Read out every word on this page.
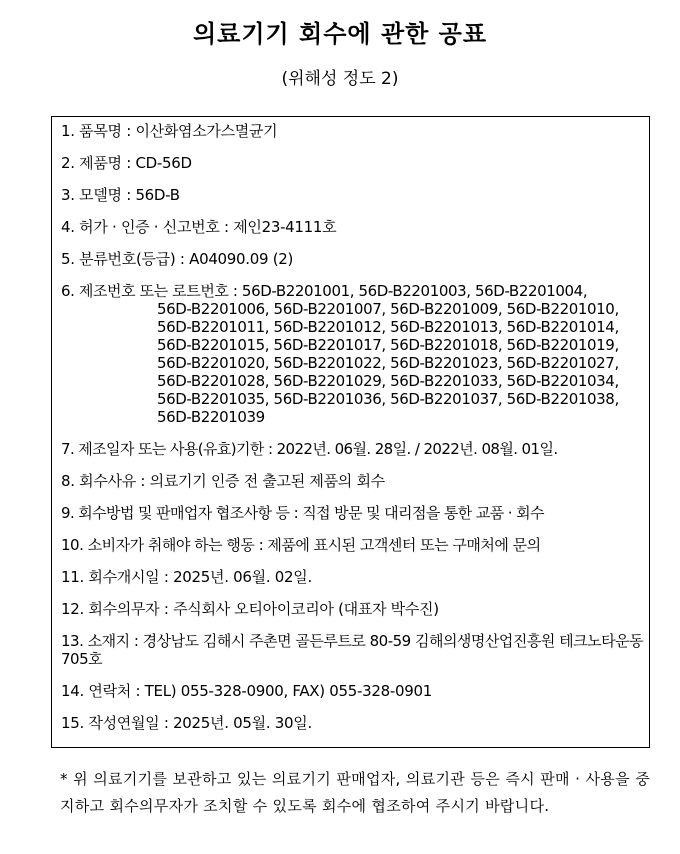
의료기기 회수에 관한 공표
(위해성 정도 2)
1. 품목명 : 이산화염소가스멸균기
2. 제품명 : CD-56D
3. 모델명 : 56D-B
4. 허가 · 인증 · 신고번호 : 제인23-4111호
5. 분류번호(등급) : A04090.09 (2)
6. 제조번호 또는 로트번호 : 56D-B2201001, 56D-B2201003, 56D-B2201004,
56D-B2201006, 56D-B2201007, 56D-B2201009, 56D-B2201010,
56D-B2201011, 56D-B2201012, 56D-B2201013, 56D-B2201014,
56D-B2201015, 56D-B2201017, 56D-B2201018, 56D-B2201019,
56D-B2201020, 56D-B2201022, 56D-B2201023, 56D-B2201027,
56D-B2201028, 56D-B2201029, 56D-B2201033, 56D-B2201034,
56D-B2201035, 56D-B2201036, 56D-B2201037, 56D-B2201038,
56D-B2201039
7. 제조일자 또는 사용(유효)기한 : 2022년. 06월. 28일. / 2022년. 08월. 01일.
8. 회수사유 : 의료기기 인증 전 출고된 제품의 회수
9. 회수방법 및 판매업자 협조사항 등 : 직접 방문 및 대리점을 통한 교품 · 회수
10. 소비자가 취해야 하는 행동 : 제품에 표시된 고객센터 또는 구매처에 문의
11. 회수개시일 : 2025년. 06월. 02일.
12. 회수의무자 : 주식회사 오티아이코리아 (대표자 박수진)
13. 소재지 : 경상남도 김해시 주촌면 골든루트로 80-59 김해의생명산업진흥원 테크노타운동 705호
14. 연락처 : TEL) 055-328-0900, FAX) 055-328-0901
15. 작성연월일 : 2025년. 05월. 30일.
* 위 의료기기를 보관하고 있는 의료기기 판매업자, 의료기관 등은 즉시 판매 · 사용을 중지하고 회수의무자가 조치할 수 있도록 회수에 협조하여 주시기 바랍니다.
